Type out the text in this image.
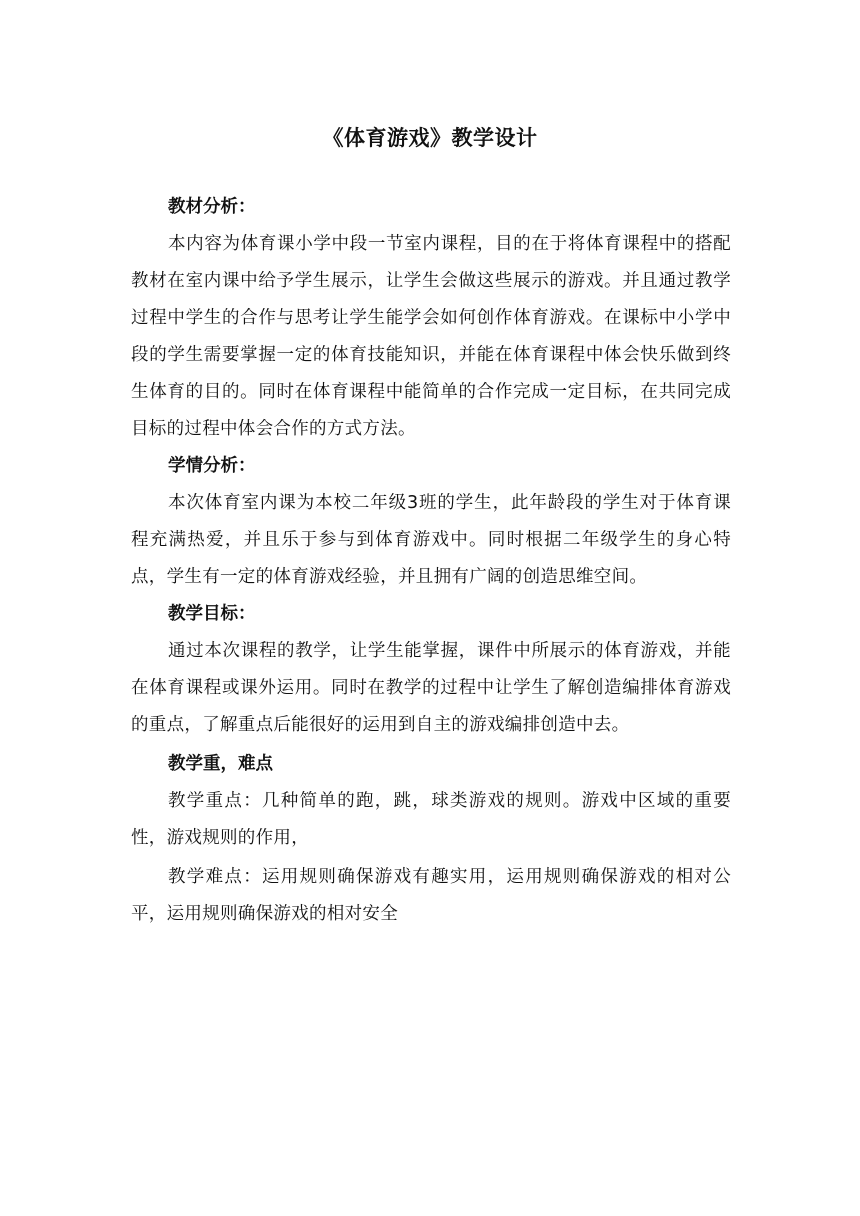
《体育游戏》教学设计
教材分析：
本内容为体育课小学中段一节室内课程，目的在于将体育课程中的搭配教材在室内课中给予学生展示，让学生会做这些展示的游戏。并且通过教学过程中学生的合作与思考让学生能学会如何创作体育游戏。在课标中小学中段的学生需要掌握一定的体育技能知识，并能在体育课程中体会快乐做到终生体育的目的。同时在体育课程中能简单的合作完成一定目标，在共同完成目标的过程中体会合作的方式方法。
学情分析：
本次体育室内课为本校二年级3班的学生，此年龄段的学生对于体育课程充满热爱，并且乐于参与到体育游戏中。同时根据二年级学生的身心特点，学生有一定的体育游戏经验，并且拥有广阔的创造思维空间。
教学目标：
通过本次课程的教学，让学生能掌握，课件中所展示的体育游戏，并能在体育课程或课外运用。同时在教学的过程中让学生了解创造编排体育游戏的重点，了解重点后能很好的运用到自主的游戏编排创造中去。
教学重，难点
教学重点：几种简单的跑，跳，球类游戏的规则。游戏中区域的重要性，游戏规则的作用，
教学难点：运用规则确保游戏有趣实用，运用规则确保游戏的相对公平，运用规则确保游戏的相对安全
